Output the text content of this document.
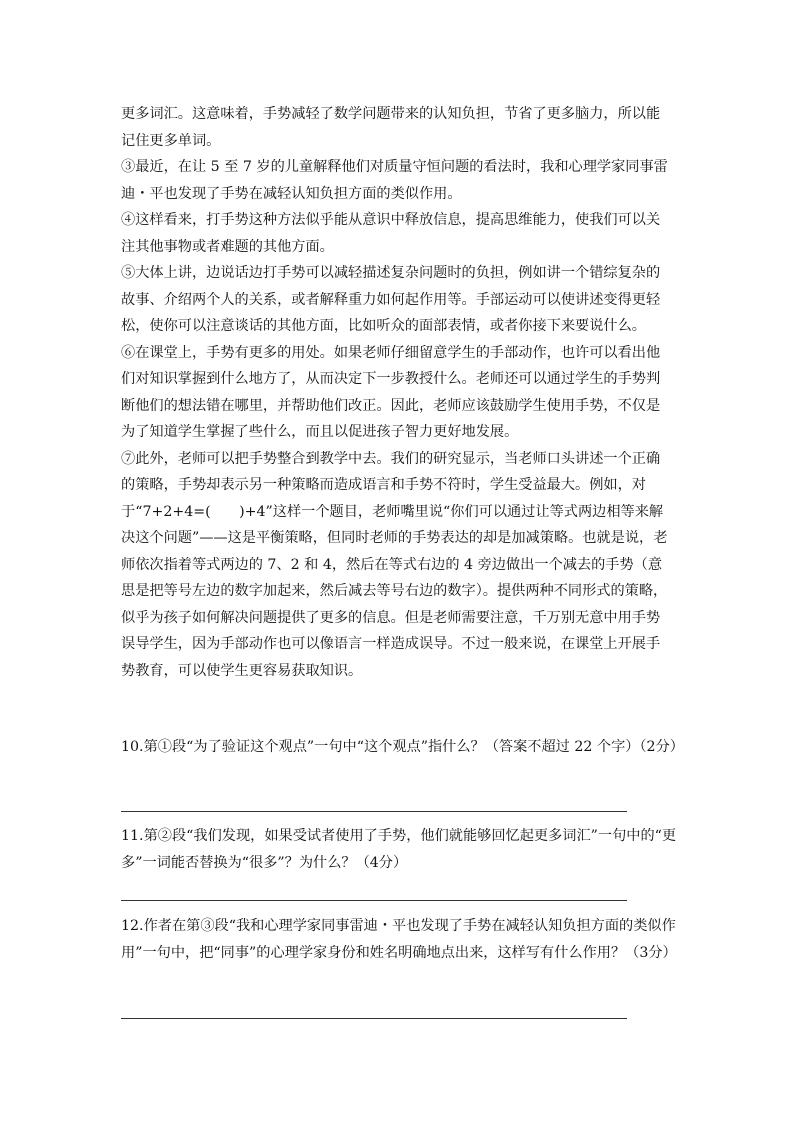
更多词汇。这意味着，手势减轻了数学问题带来的认知负担，节省了更多脑力，所以能记住更多单词。

③最近，在让 5 至 7 岁的儿童解释他们对质量守恒问题的看法时，我和心理学家同事雷迪・平也发现了手势在减轻认知负担方面的类似作用。

④这样看来，打手势这种方法似乎能从意识中释放信息，提高思维能力，使我们可以关注其他事物或者难题的其他方面。

⑤大体上讲，边说话边打手势可以减轻描述复杂问题时的负担，例如讲一个错综复杂的故事、介绍两个人的关系，或者解释重力如何起作用等。手部运动可以使讲述变得更轻松，使你可以注意谈话的其他方面，比如听众的面部表情，或者你接下来要说什么。

⑥在课堂上，手势有更多的用处。如果老师仔细留意学生的手部动作，也许可以看出他们对知识掌握到什么地方了，从而决定下一步教授什么。老师还可以通过学生的手势判断他们的想法错在哪里，并帮助他们改正。因此，老师应该鼓励学生使用手势，不仅是为了知道学生掌握了些什么，而且以促进孩子智力更好地发展。

⑦此外，老师可以把手势整合到教学中去。我们的研究显示，当老师口头讲述一个正确的策略，手势却表示另一种策略而造成语言和手势不符时，学生受益最大。例如，对于“7+2+4=(　　)+4”这样一个题目，老师嘴里说“你们可以通过让等式两边相等来解决这个问题”——这是平衡策略，但同时老师的手势表达的却是加减策略。也就是说，老师依次指着等式两边的 7、2 和 4，然后在等式右边的 4 旁边做出一个减去的手势（意思是把等号左边的数字加起来，然后减去等号右边的数字）。提供两种不同形式的策略，似乎为孩子如何解决问题提供了更多的信息。但是老师需要注意，千万别无意中用手势误导学生，因为手部动作也可以像语言一样造成误导。不过一般来说，在课堂上开展手势教育，可以使学生更容易获取知识。

10.第①段“为了验证这个观点”一句中“这个观点”指什么？（答案不超过 22 个字）（2分）

11.第②段“我们发现，如果受试者使用了手势，他们就能够回忆起更多词汇”一句中的“更多”一词能否替换为“很多”？为什么？（4分）

12.作者在第③段“我和心理学家同事雷迪・平也发现了手势在减轻认知负担方面的类似作用”一句中，把“同事”的心理学家身份和姓名明确地点出来，这样写有什么作用？（3分）
